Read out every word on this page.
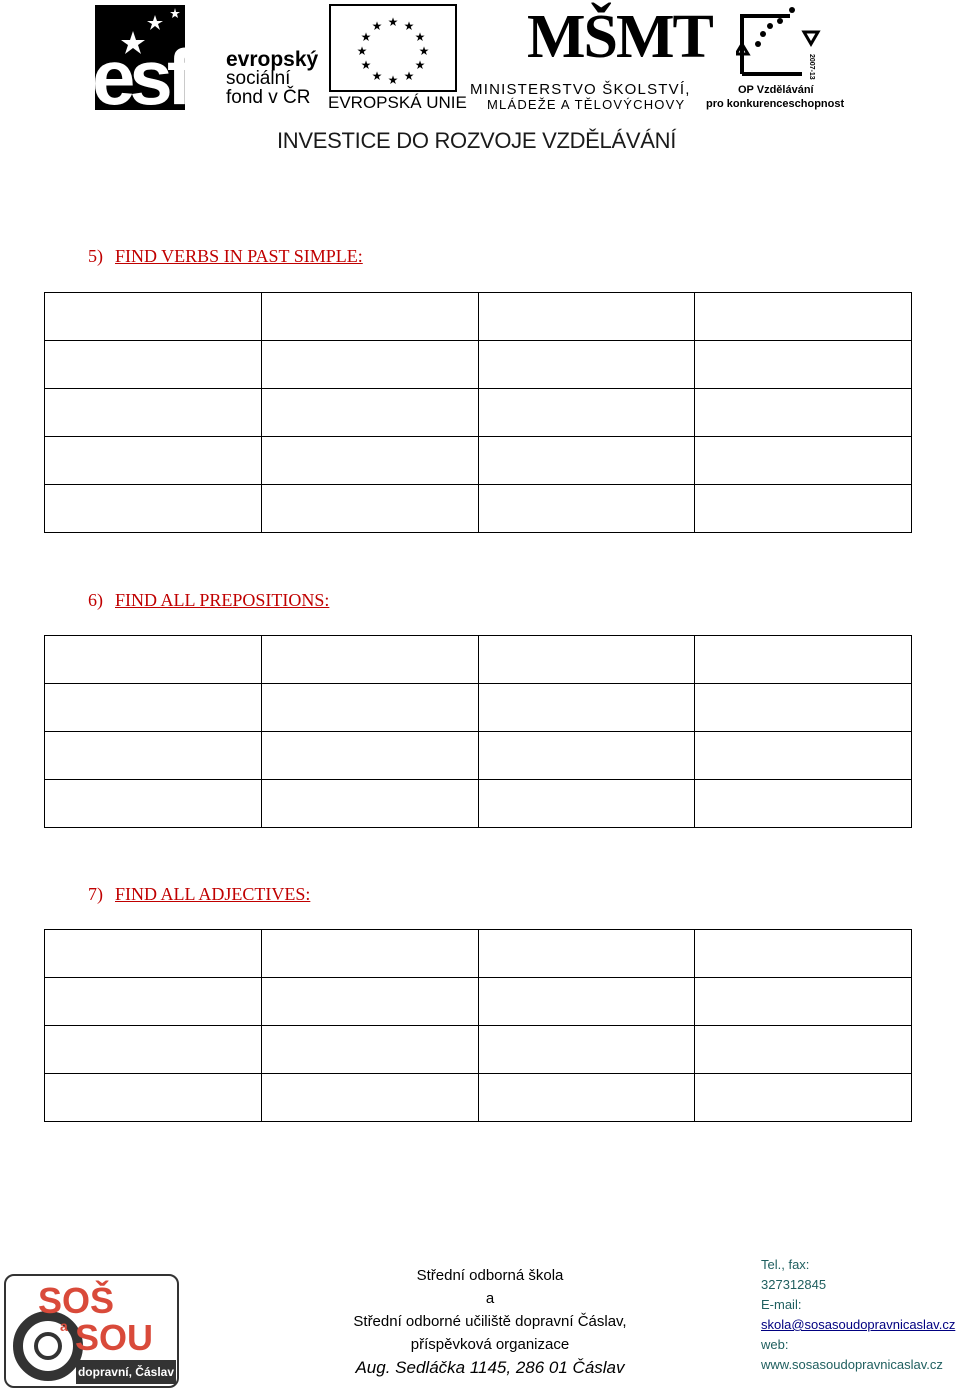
esf evropský
sociální
fond v ČR
★ ★
★
★
★
★
★
★
★
★
★
★
EVROPSKÁ UNIE
MŠMT
MINISTERSTVO ŠKOLSTVÍ,
MLÁDEŽE A TĚLOVÝCHOVY
2007-13
OP Vzdělávání
pro konkurenceschopnost
INVESTICE DO ROZVOJE VZDĚLÁVÁNÍ
5) FIND VERBS IN PAST SIMPLE:

6) FIND ALL PREPOSITIONS:

7) FIND ALL ADJECTIVES:

SOŠ
a SOU
dopravní, Čáslav
Střední odborná škola
a
Střední odborné učiliště dopravní Čáslav,
příspěvková organizace
Aug. Sedláčka 1145, 286 01 Čáslav
Tel., fax:
327312845
E-mail:
skola@sosasoudopravnicaslav.cz
web:
www.sosasoudopravnicaslav.cz
